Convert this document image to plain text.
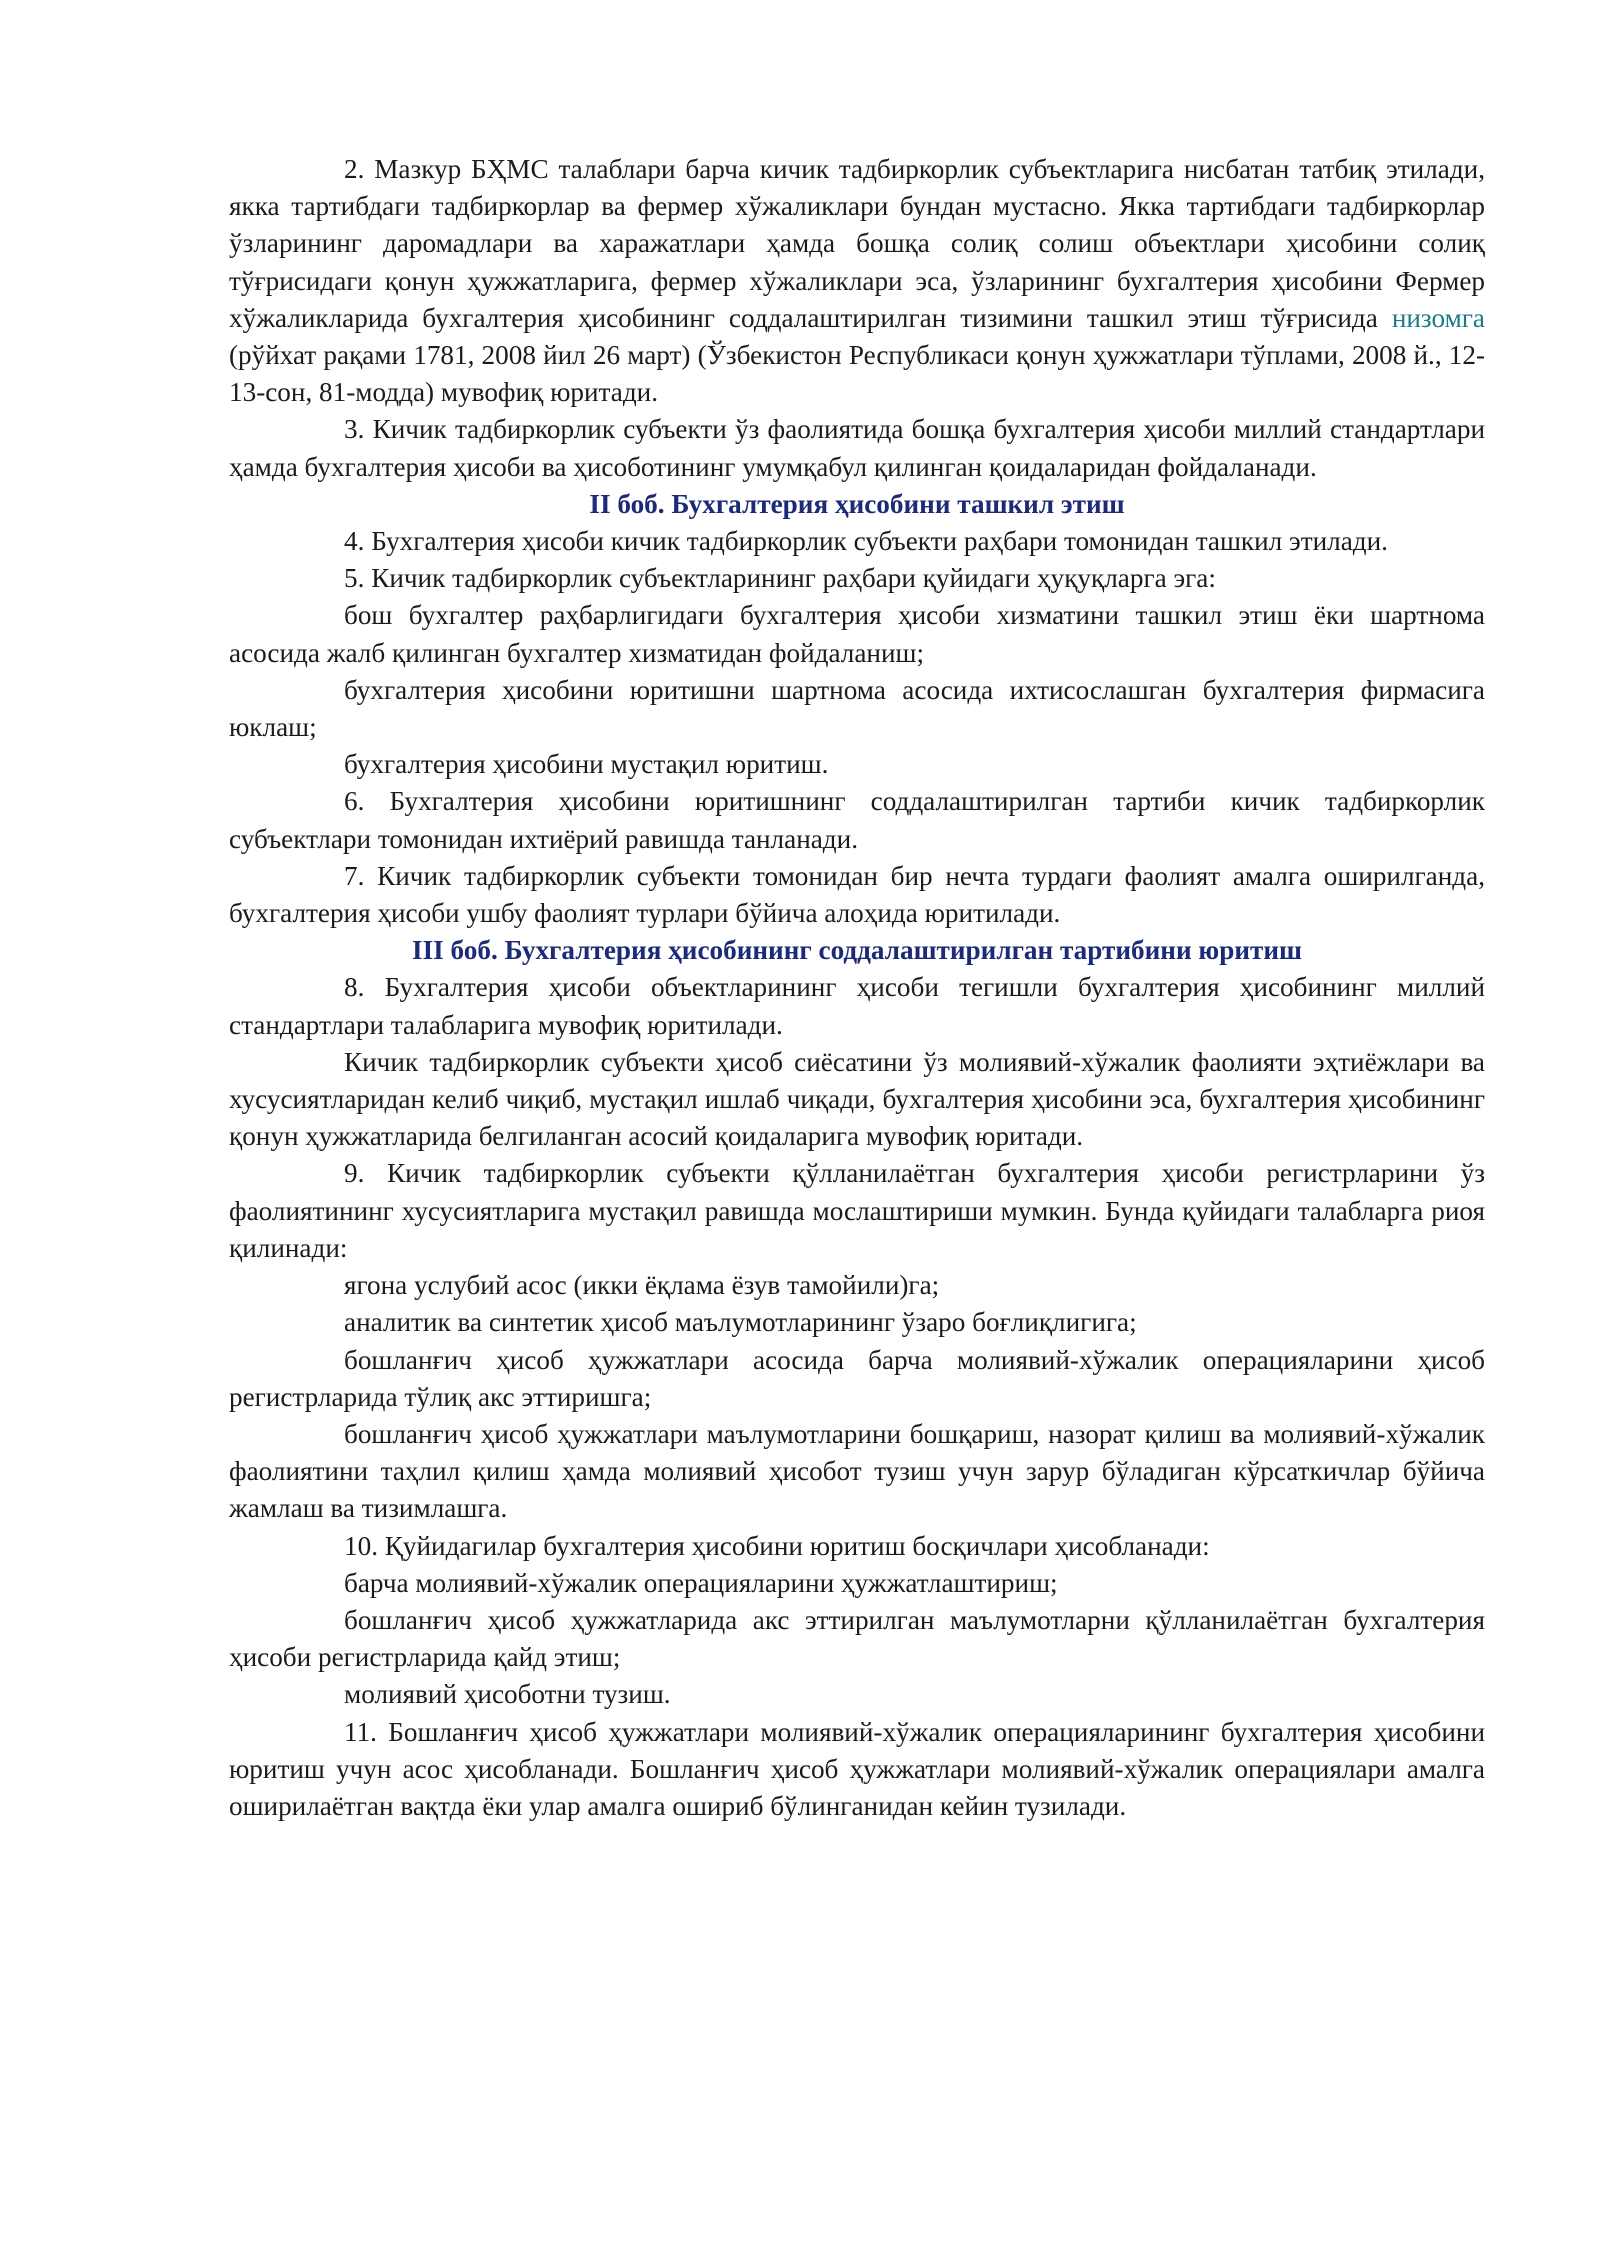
2. Мазкур БҲМС талаблари барча кичик тадбиркорлик субъектларига нисбатан татбиқ этилади, якка тартибдаги тадбиркорлар ва фермер хўжаликлари бундан мустасно. Якка тартибдаги тадбиркорлар ўзларининг даромадлари ва харажатлари ҳамда бошқа солиқ солиш объектлари ҳисобини солиқ тўғрисидаги қонун ҳужжатларига, фермер хўжаликлари эса, ўзларининг бухгалтерия ҳисобини Фермер хўжаликларида бухгалтерия ҳисобининг соддалаштирилган тизимини ташкил этиш тўғрисида низомга (рўйхат рақами 1781, 2008 йил 26 март) (Ўзбекистон Республикаси қонун ҳужжатлари тўплами, 2008 й., 12-13-сон, 81-модда) мувофиқ юритади.

3. Кичик тадбиркорлик субъекти ўз фаолиятида бошқа бухгалтерия ҳисоби миллий стандартлари ҳамда бухгалтерия ҳисоби ва ҳисоботининг умумқабул қилинган қоидаларидан фойдаланади.

II боб. Бухгалтерия ҳисобини ташкил этиш

4. Бухгалтерия ҳисоби кичик тадбиркорлик субъекти раҳбари томонидан ташкил этилади.

5. Кичик тадбиркорлик субъектларининг раҳбари қуйидаги ҳуқуқларга эга:

бош бухгалтер раҳбарлигидаги бухгалтерия ҳисоби хизматини ташкил этиш ёки шартнома асосида жалб қилинган бухгалтер хизматидан фойдаланиш;

бухгалтерия ҳисобини юритишни шартнома асосида ихтисослашган бухгалтерия фирмасига юклаш;

бухгалтерия ҳисобини мустақил юритиш.

6. Бухгалтерия ҳисобини юритишнинг соддалаштирилган тартиби кичик тадбиркорлик субъектлари томонидан ихтиёрий равишда танланади.

7. Кичик тадбиркорлик субъекти томонидан бир нечта турдаги фаолият амалга оширилганда, бухгалтерия ҳисоби ушбу фаолият турлари бўйича алоҳида юритилади.

III боб. Бухгалтерия ҳисобининг соддалаштирилган тартибини юритиш

8. Бухгалтерия ҳисоби объектларининг ҳисоби тегишли бухгалтерия ҳисобининг миллий стандартлари талабларига мувофиқ юритилади.

Кичик тадбиркорлик субъекти ҳисоб сиёсатини ўз молиявий-хўжалик фаолияти эҳтиёжлари ва хусусиятларидан келиб чиқиб, мустақил ишлаб чиқади, бухгалтерия ҳисобини эса, бухгалтерия ҳисобининг қонун ҳужжатларида белгиланган асосий қоидаларига мувофиқ юритади.

9. Кичик тадбиркорлик субъекти қўлланилаётган бухгалтерия ҳисоби регистрларини ўз фаолиятининг хусусиятларига мустақил равишда мослаштириши мумкин. Бунда қуйидаги талабларга риоя қилинади:

ягона услубий асос (икки ёқлама ёзув тамойили)га;

аналитик ва синтетик ҳисоб маълумотларининг ўзаро боғлиқлигига;

бошланғич ҳисоб ҳужжатлари асосида барча молиявий-хўжалик операцияларини ҳисоб регистрларида тўлиқ акс эттиришга;

бошланғич ҳисоб ҳужжатлари маълумотларини бошқариш, назорат қилиш ва молиявий-хўжалик фаолиятини таҳлил қилиш ҳамда молиявий ҳисобот тузиш учун зарур бўладиган кўрсаткичлар бўйича жамлаш ва тизимлашга.

10. Қуйидагилар бухгалтерия ҳисобини юритиш босқичлари ҳисобланади:

барча молиявий-хўжалик операцияларини ҳужжатлаштириш;

бошланғич ҳисоб ҳужжатларида акс эттирилган маълумотларни қўлланилаётган бухгалтерия ҳисоби регистрларида қайд этиш;

молиявий ҳисоботни тузиш.

11. Бошланғич ҳисоб ҳужжатлари молиявий-хўжалик операцияларининг бухгалтерия ҳисобини юритиш учун асос ҳисобланади. Бошланғич ҳисоб ҳужжатлари молиявий-хўжалик операциялари амалга оширилаётган вақтда ёки улар амалга ошириб бўлинганидан кейин тузилади.
